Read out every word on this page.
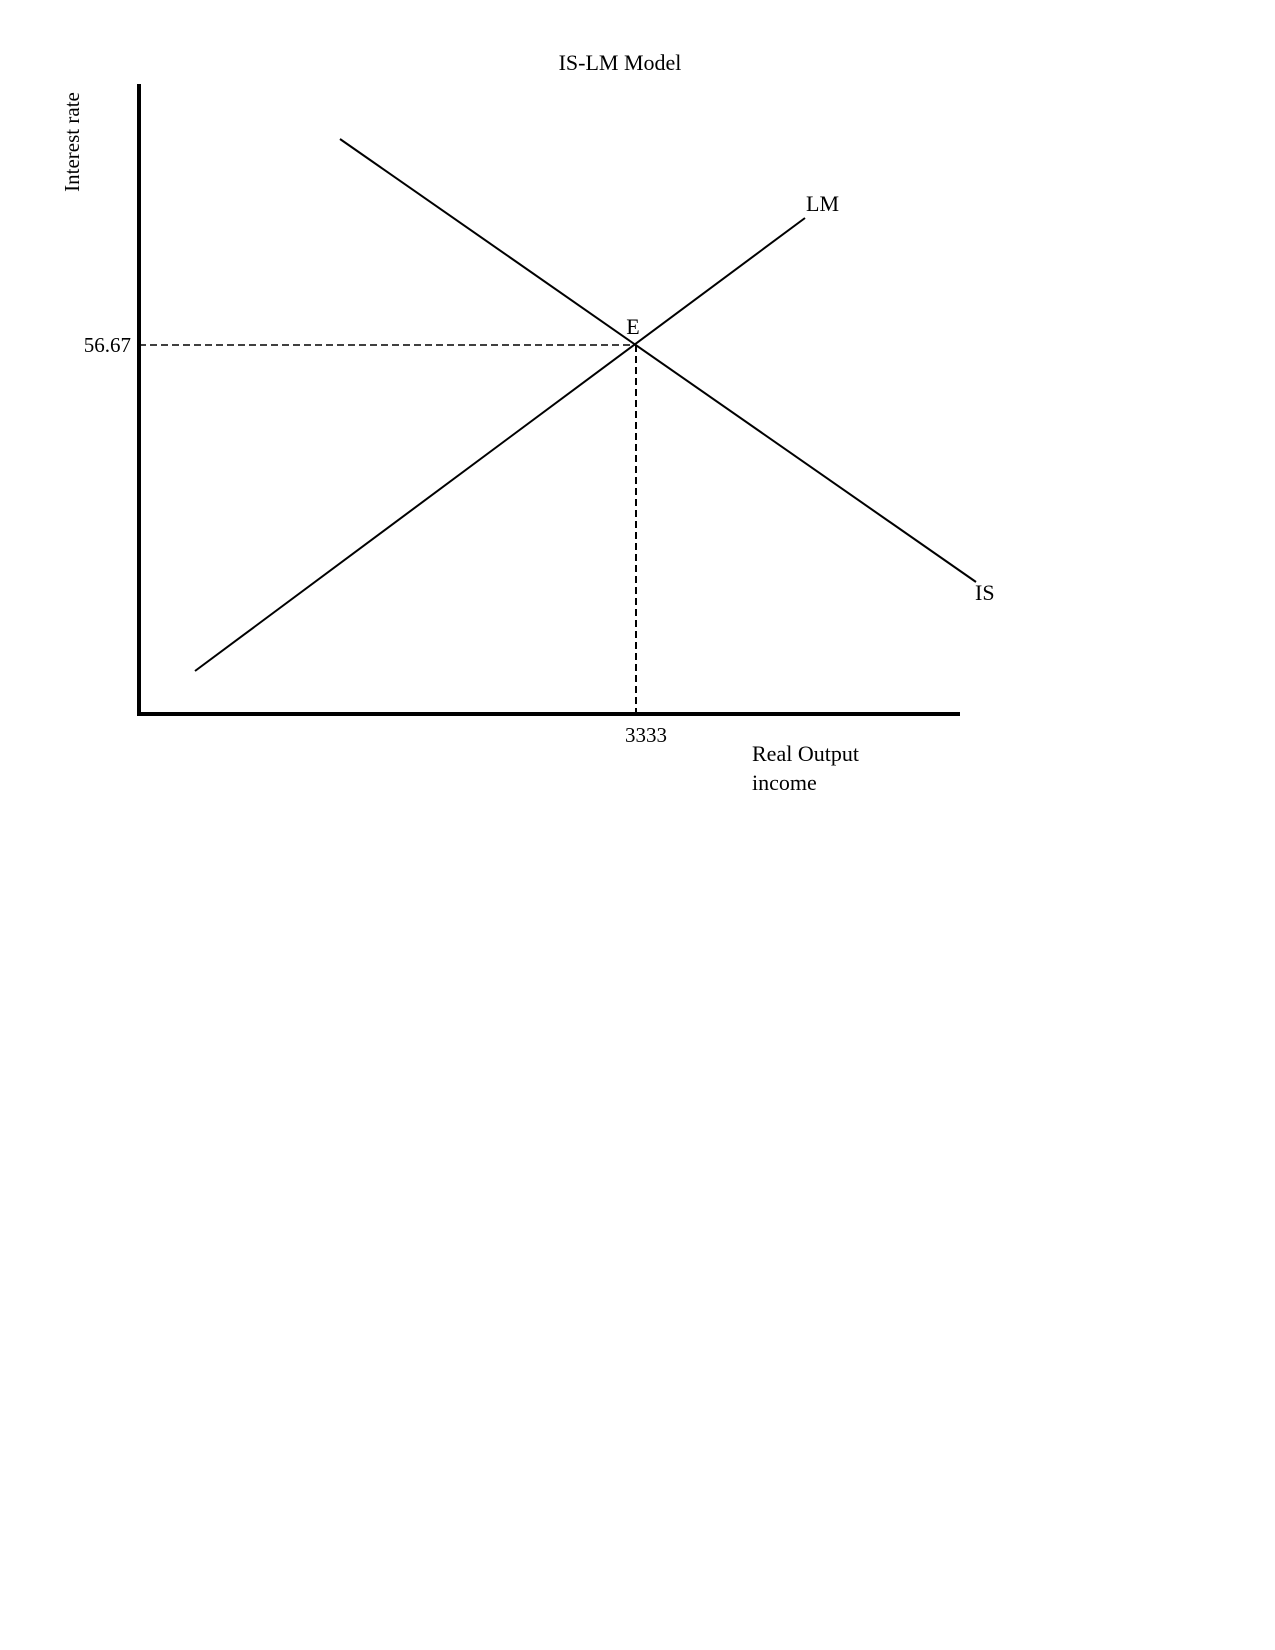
IS-LM Model
Interest rate
LM
IS
E
56.67
3333
Real Output
income
